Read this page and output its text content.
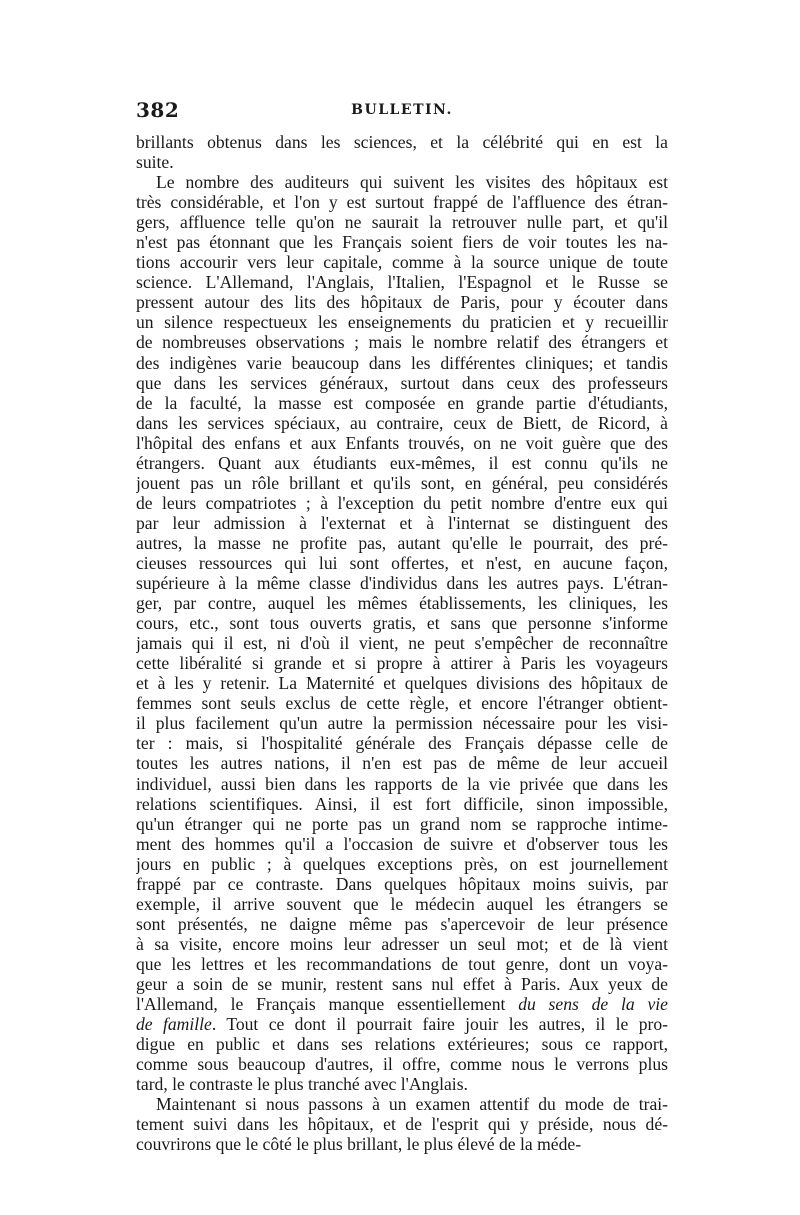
382	BULLETIN.
brillants obtenus dans les sciences, et la célébrité qui en est la
suite.
Le nombre des auditeurs qui suivent les visites des hôpitaux est
très considérable, et l'on y est surtout frappé de l'affluence des étran-
gers, affluence telle qu'on ne saurait la retrouver nulle part, et qu'il
n'est pas étonnant que les Français soient fiers de voir toutes les na-
tions accourir vers leur capitale, comme à la source unique de toute
science. L'Allemand, l'Anglais, l'Italien, l'Espagnol et le Russe se
pressent autour des lits des hôpitaux de Paris, pour y écouter dans
un silence respectueux les enseignements du praticien et y recueillir
de nombreuses observations ; mais le nombre relatif des étrangers et
des indigènes varie beaucoup dans les différentes cliniques; et tandis
que dans les services généraux, surtout dans ceux des professeurs
de la faculté, la masse est composée en grande partie d'étudiants,
dans les services spéciaux, au contraire, ceux de Biett, de Ricord, à
l'hôpital des enfans et aux Enfants trouvés, on ne voit guère que des
étrangers. Quant aux étudiants eux-mêmes, il est connu qu'ils ne
jouent pas un rôle brillant et qu'ils sont, en général, peu considérés
de leurs compatriotes ; à l'exception du petit nombre d'entre eux qui
par leur admission à l'externat et à l'internat se distinguent des
autres, la masse ne profite pas, autant qu'elle le pourrait, des pré-
cieuses ressources qui lui sont offertes, et n'est, en aucune façon,
supérieure à la même classe d'individus dans les autres pays. L'étran-
ger, par contre, auquel les mêmes établissements, les cliniques, les
cours, etc., sont tous ouverts gratis, et sans que personne s'informe
jamais qui il est, ni d'où il vient, ne peut s'empêcher de reconnaître
cette libéralité si grande et si propre à attirer à Paris les voyageurs
et à les y retenir. La Maternité et quelques divisions des hôpitaux de
femmes sont seuls exclus de cette règle, et encore l'étranger obtient-
il plus facilement qu'un autre la permission nécessaire pour les visi-
ter : mais, si l'hospitalité générale des Français dépasse celle de
toutes les autres nations, il n'en est pas de même de leur accueil
individuel, aussi bien dans les rapports de la vie privée que dans les
relations scientifiques. Ainsi, il est fort difficile, sinon impossible,
qu'un étranger qui ne porte pas un grand nom se rapproche intime-
ment des hommes qu'il a l'occasion de suivre et d'observer tous les
jours en public ; à quelques exceptions près, on est journellement
frappé par ce contraste. Dans quelques hôpitaux moins suivis, par
exemple, il arrive souvent que le médecin auquel les étrangers se
sont présentés, ne daigne même pas s'apercevoir de leur présence
à sa visite, encore moins leur adresser un seul mot; et de là vient
que les lettres et les recommandations de tout genre, dont un voya-
geur a soin de se munir, restent sans nul effet à Paris. Aux yeux de
l'Allemand, le Français manque essentiellement du sens de la vie
de famille. Tout ce dont il pourrait faire jouir les autres, il le pro-
digue en public et dans ses relations extérieures; sous ce rapport,
comme sous beaucoup d'autres, il offre, comme nous le verrons plus
tard, le contraste le plus tranché avec l'Anglais.
Maintenant si nous passons à un examen attentif du mode de trai-
tement suivi dans les hôpitaux, et de l'esprit qui y préside, nous dé-
couvrirons que le côté le plus brillant, le plus élevé de la méde-
